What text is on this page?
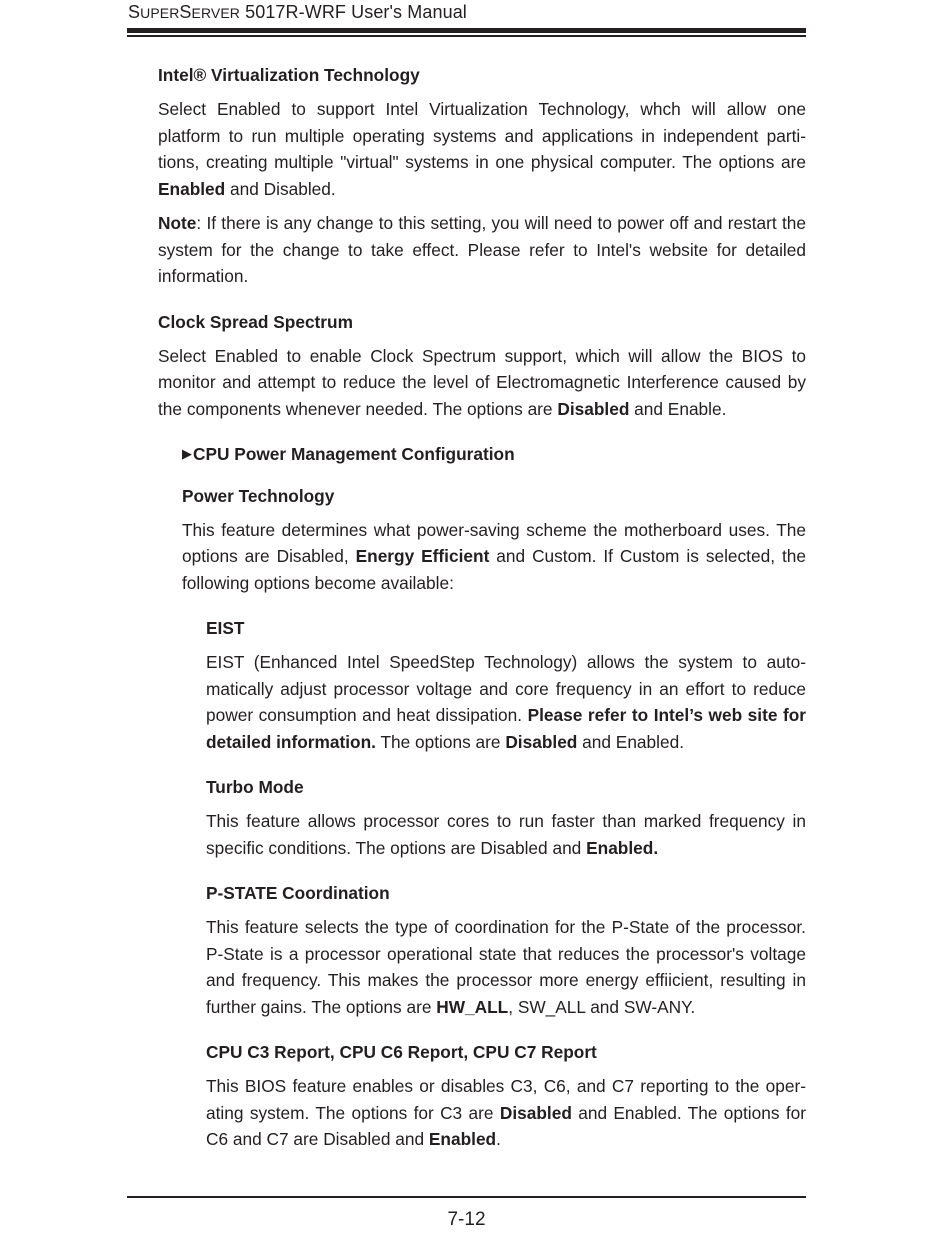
SUPERSERVER 5017R-WRF User's Manual
Intel® Virtualization Technology

Select Enabled to support Intel Virtualization Technology, whch will allow one platform to run multiple operating systems and applications in independent parti-tions, creating multiple "virtual" systems in one physical computer. The options are Enabled and Disabled.

Note: If there is any change to this setting, you will need to power off and restart the system for the change to take effect. Please refer to Intel's website for detailed information.

Clock Spread Spectrum

Select Enabled to enable Clock Spectrum support, which will allow the BIOS to monitor and attempt to reduce the level of Electromagnetic Interference caused by the components whenever needed. The options are Disabled and Enable.

▶ CPU Power Management Configuration
Power Technology

This feature determines what power-saving scheme the motherboard uses. The options are Disabled, Energy Efficient and Custom. If Custom is selected, the following options become available:

EIST

EIST (Enhanced Intel SpeedStep Technology) allows the system to auto-matically adjust processor voltage and core frequency in an effort to reduce power consumption and heat dissipation. Please refer to Intel’s web site for detailed information. The options are Disabled and Enabled.

Turbo Mode

This feature allows processor cores to run faster than marked frequency in specific conditions. The options are Disabled and Enabled.

P-STATE Coordination

This feature selects the type of coordination for the P-State of the processor. P-State is a processor operational state that reduces the processor's voltage and frequency. This makes the processor more energy effiicient, resulting in further gains. The options are HW_ALL, SW_ALL and SW-ANY.

CPU C3 Report, CPU C6 Report, CPU C7 Report

This BIOS feature enables or disables C3, C6, and C7 reporting to the oper-ating system. The options for C3 are Disabled and Enabled. The options for C6 and C7 are Disabled and Enabled.

7-12
